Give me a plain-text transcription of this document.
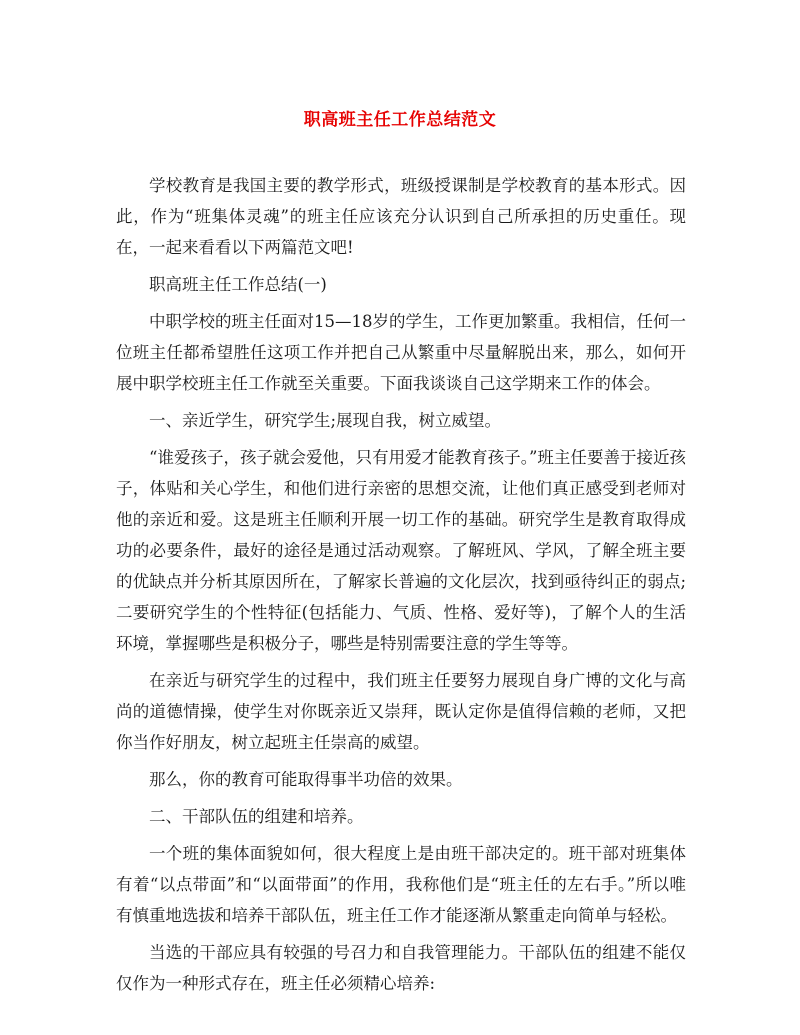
职高班主任工作总结范文

学校教育是我国主要的教学形式，班级授课制是学校教育的基本形式。因此，作为“班集体灵魂”的班主任应该充分认识到自己所承担的历史重任。现在，一起来看看以下两篇范文吧!

职高班主任工作总结(一)

中职学校的班主任面对15—18岁的学生，工作更加繁重。我相信，任何一位班主任都希望胜任这项工作并把自己从繁重中尽量解脱出来，那么，如何开展中职学校班主任工作就至关重要。下面我谈谈自己这学期来工作的体会。

一、亲近学生，研究学生;展现自我，树立威望。

“谁爱孩子，孩子就会爱他，只有用爱才能教育孩子。”班主任要善于接近孩子，体贴和关心学生，和他们进行亲密的思想交流，让他们真正感受到老师对他的亲近和爱。这是班主任顺利开展一切工作的基础。研究学生是教育取得成功的必要条件，最好的途径是通过活动观察。了解班风、学风，了解全班主要的优缺点并分析其原因所在，了解家长普遍的文化层次，找到亟待纠正的弱点;二要研究学生的个性特征(包括能力、气质、性格、爱好等)，了解个人的生活环境，掌握哪些是积极分子，哪些是特别需要注意的学生等等。

在亲近与研究学生的过程中，我们班主任要努力展现自身广博的文化与高尚的道德情操，使学生对你既亲近又崇拜，既认定你是值得信赖的老师，又把你当作好朋友，树立起班主任崇高的威望。

那么，你的教育可能取得事半功倍的效果。

二、干部队伍的组建和培养。

一个班的集体面貌如何，很大程度上是由班干部决定的。班干部对班集体有着“以点带面”和“以面带面”的作用，我称他们是“班主任的左右手。”所以唯有慎重地选拔和培养干部队伍，班主任工作才能逐渐从繁重走向简单与轻松。

当选的干部应具有较强的号召力和自我管理能力。干部队伍的组建不能仅仅作为一种形式存在，班主任必须精心培养:
